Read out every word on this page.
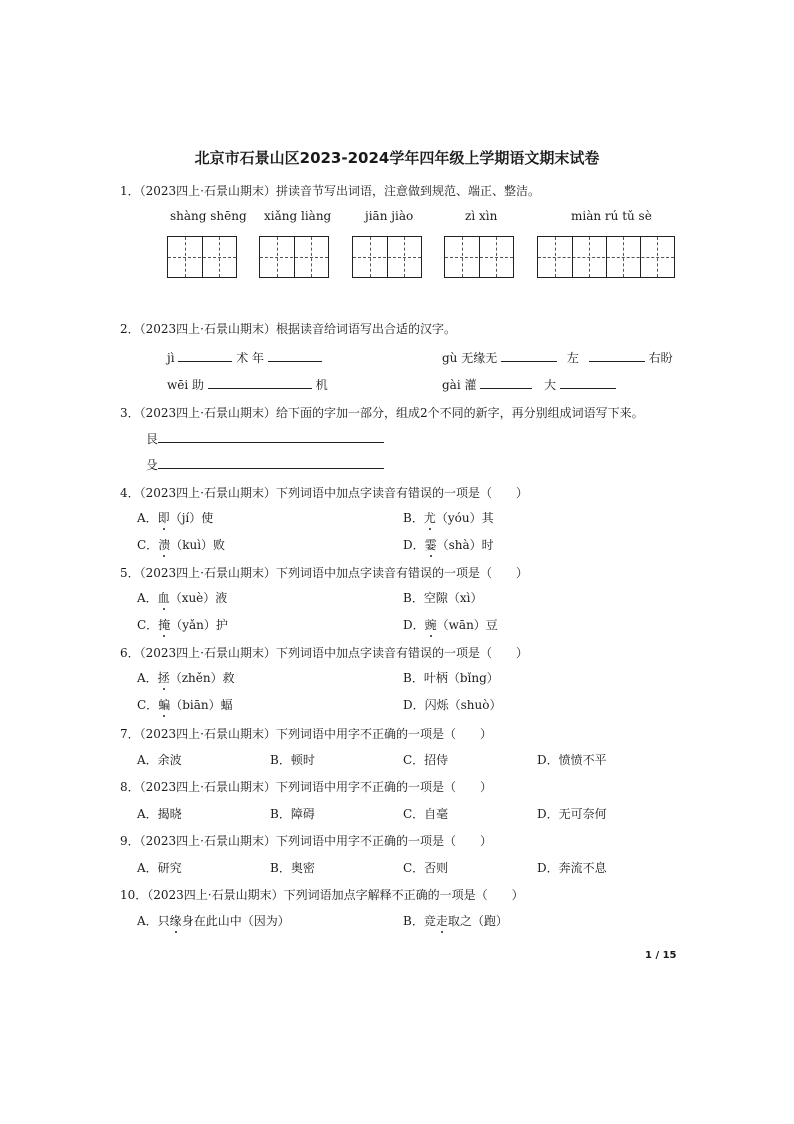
北京市石景山区2023-2024学年四年级上学期语文期末试卷
1．（2023四上·石景山期末）拼读音节写出词语，注意做到规范、端正、整洁。
shàng shēng xiǎng liàng	jiān jiào	zì xìn	miàn rú tǔ sè
2．（2023四上·石景山期末）根据读音给词语写出合适的汉字。
jì	术 年	gù 无缘无	左	右盼
wēi 助	机	gài 灌	大
3．（2023四上·石景山期末）给下面的字加一部分，组成2个不同的新字，再分别组成词语写下来。
艮
殳
4．（2023四上·石景山期末）下列词语中加点字读音有错误的一项是（　　）
A．即（jí）使	B．尤（yóu）其
C．溃（kuì）败	D．霎（shà）时
5．（2023四上·石景山期末）下列词语中加点字读音有错误的一项是（　　）
A．血（xuè）液	B．空隙（xì）
C．掩（yǎn）护	D．豌（wān）豆
6．（2023四上·石景山期末）下列词语中加点字读音有错误的一项是（　　）
A．拯（zhěn）救	B．叶柄（bǐng）
C．蝙（biān）蝠	D．闪烁（shuò）
7．（2023四上·石景山期末）下列词语中用字不正确的一项是（　　）
A．余波	B．顿时	C．招侍	D．愤愤不平
8．（2023四上·石景山期末）下列词语中用字不正确的一项是（　　）
A．揭晓	B．障碍	C．自毫	D．无可奈何
9．（2023四上·石景山期末）下列词语中用字不正确的一项是（　　）
A．研究	B．奥密	C．否则	D．奔流不息
10．（2023四上·石景山期末）下列词语加点字解释不正确的一项是（　　）
A．只缘身在此山中（因为）	B．竞走取之（跑）
1 / 15
